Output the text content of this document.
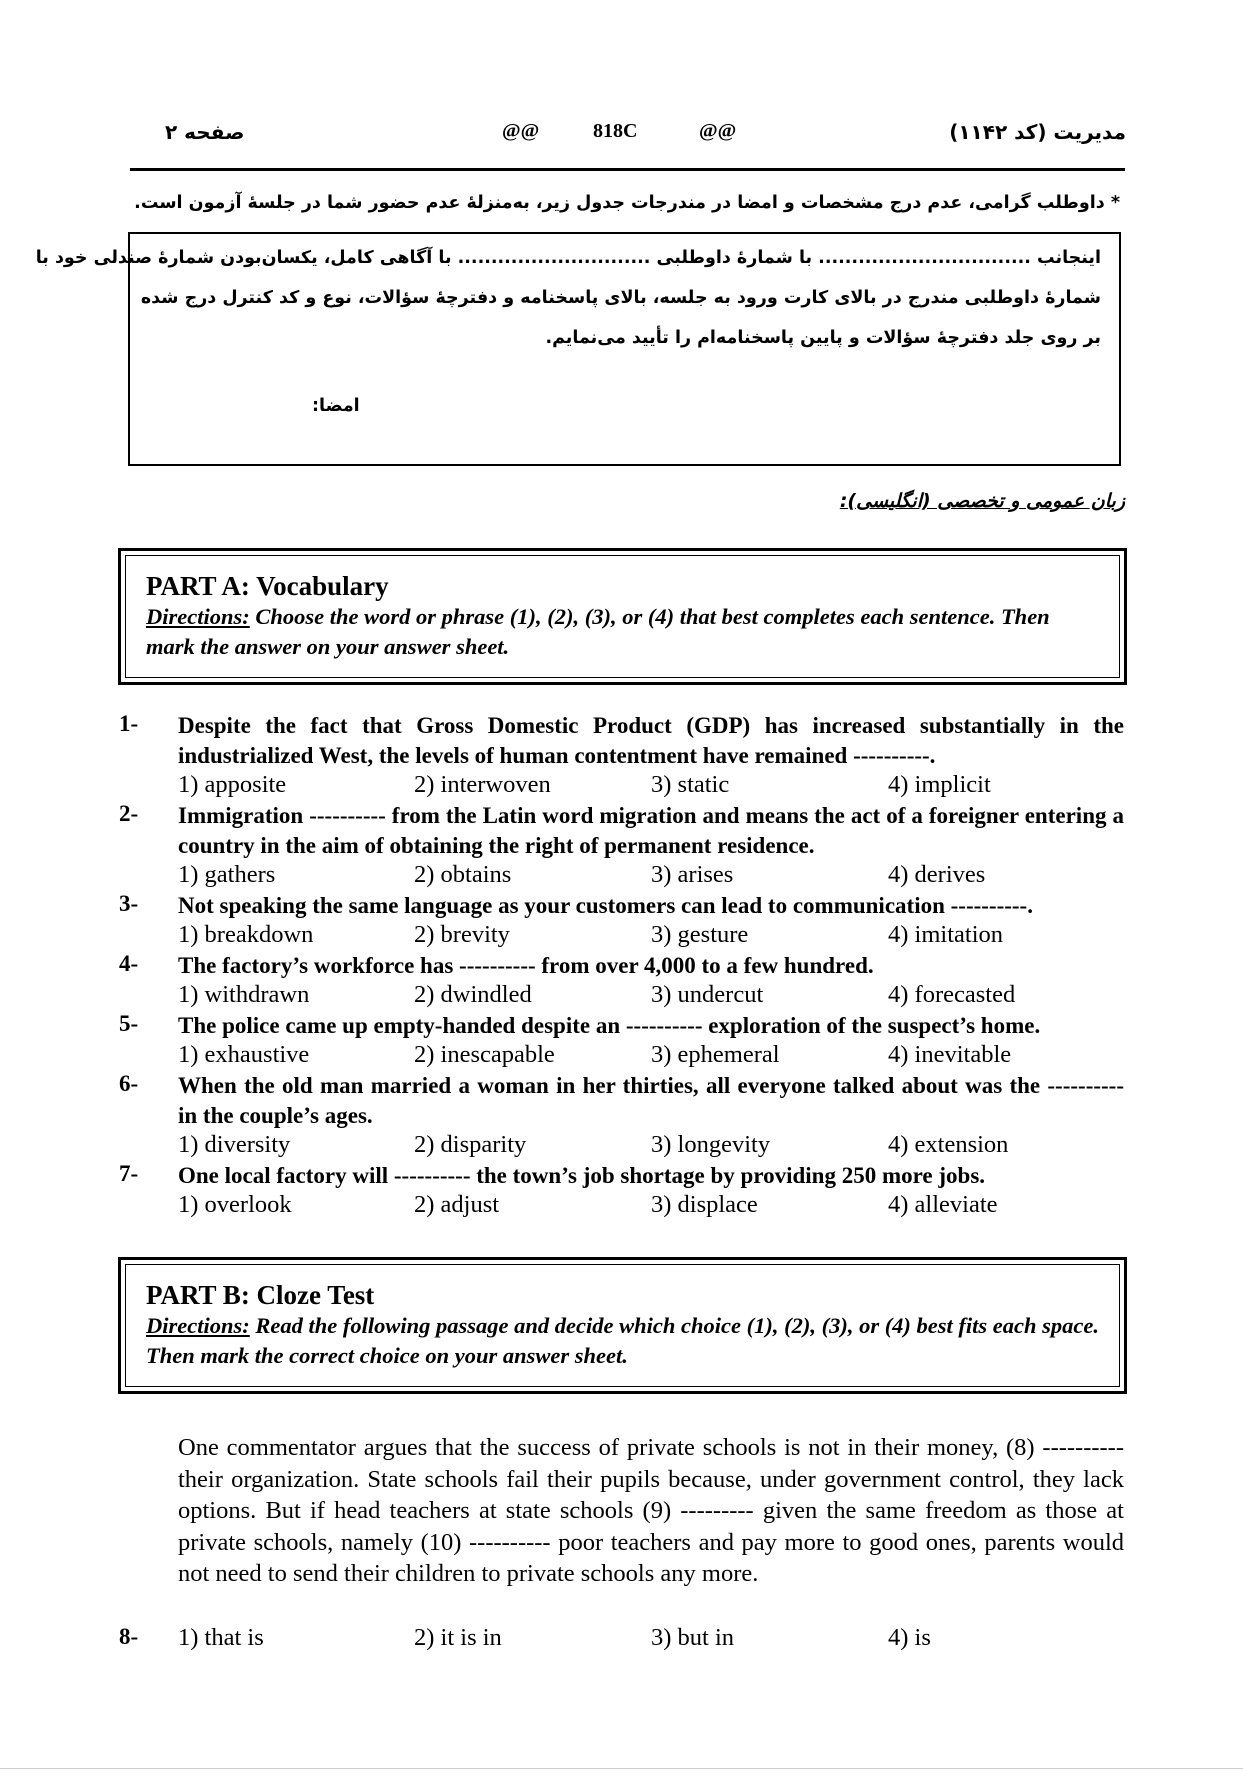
صفحه ۲	@@	818C	@@	مدیریت (کد ۱۱۴۲)
* داوطلب گرامی، عدم درج مشخصات و امضا در مندرجات جدول زیر، به‌منزلهٔ عدم حضور شما در جلسهٔ آزمون است.
اینجانب ................................ با شمارهٔ داوطلبی ............................. با آگاهی کامل، یکسان‌بودن شمارهٔ صندلی خود با
شمارهٔ داوطلبی مندرج در بالای کارت ورود به جلسه، بالای پاسخنامه و دفترچهٔ سؤالات، نوع و کد کنترل درج شده
بر روی جلد دفترچهٔ سؤالات و پایین پاسخنامه‌ام را تأیید می‌نمایم.
امضا:
زبان عمومی و تخصصی (انگلیسی):
PART A: Vocabulary
Directions: Choose the word or phrase (1), (2), (3), or (4) that best completes each sentence. Then mark the answer on your answer sheet.
1- Despite the fact that Gross Domestic Product (GDP) has increased substantially in the industrialized West, the levels of human contentment have remained ----------.
1) apposite	2) interwoven	3) static	4) implicit
2- Immigration ---------- from the Latin word migration and means the act of a foreigner entering a country in the aim of obtaining the right of permanent residence.
1) gathers	2) obtains	3) arises	4) derives
3- Not speaking the same language as your customers can lead to communication ----------.
1) breakdown	2) brevity	3) gesture	4) imitation
4- The factory’s workforce has ---------- from over 4,000 to a few hundred.
1) withdrawn	2) dwindled	3) undercut	4) forecasted
5- The police came up empty-handed despite an ---------- exploration of the suspect’s home.
1) exhaustive	2) inescapable	3) ephemeral	4) inevitable
6- When the old man married a woman in her thirties, all everyone talked about was the ---------- in the couple’s ages.
1) diversity	2) disparity	3) longevity	4) extension
7- One local factory will ---------- the town’s job shortage by providing 250 more jobs.
1) overlook	2) adjust	3) displace	4) alleviate
PART B: Cloze Test
Directions: Read the following passage and decide which choice (1), (2), (3), or (4) best fits each space. Then mark the correct choice on your answer sheet.
One commentator argues that the success of private schools is not in their money, (8) ---------- their organization. State schools fail their pupils because, under government control, they lack options. But if head teachers at state schools (9) --------- given the same freedom as those at private schools, namely (10) ---------- poor teachers and pay more to good ones, parents would not need to send their children to private schools any more.
8- 1) that is	2) it is in	3) but in	4) is
